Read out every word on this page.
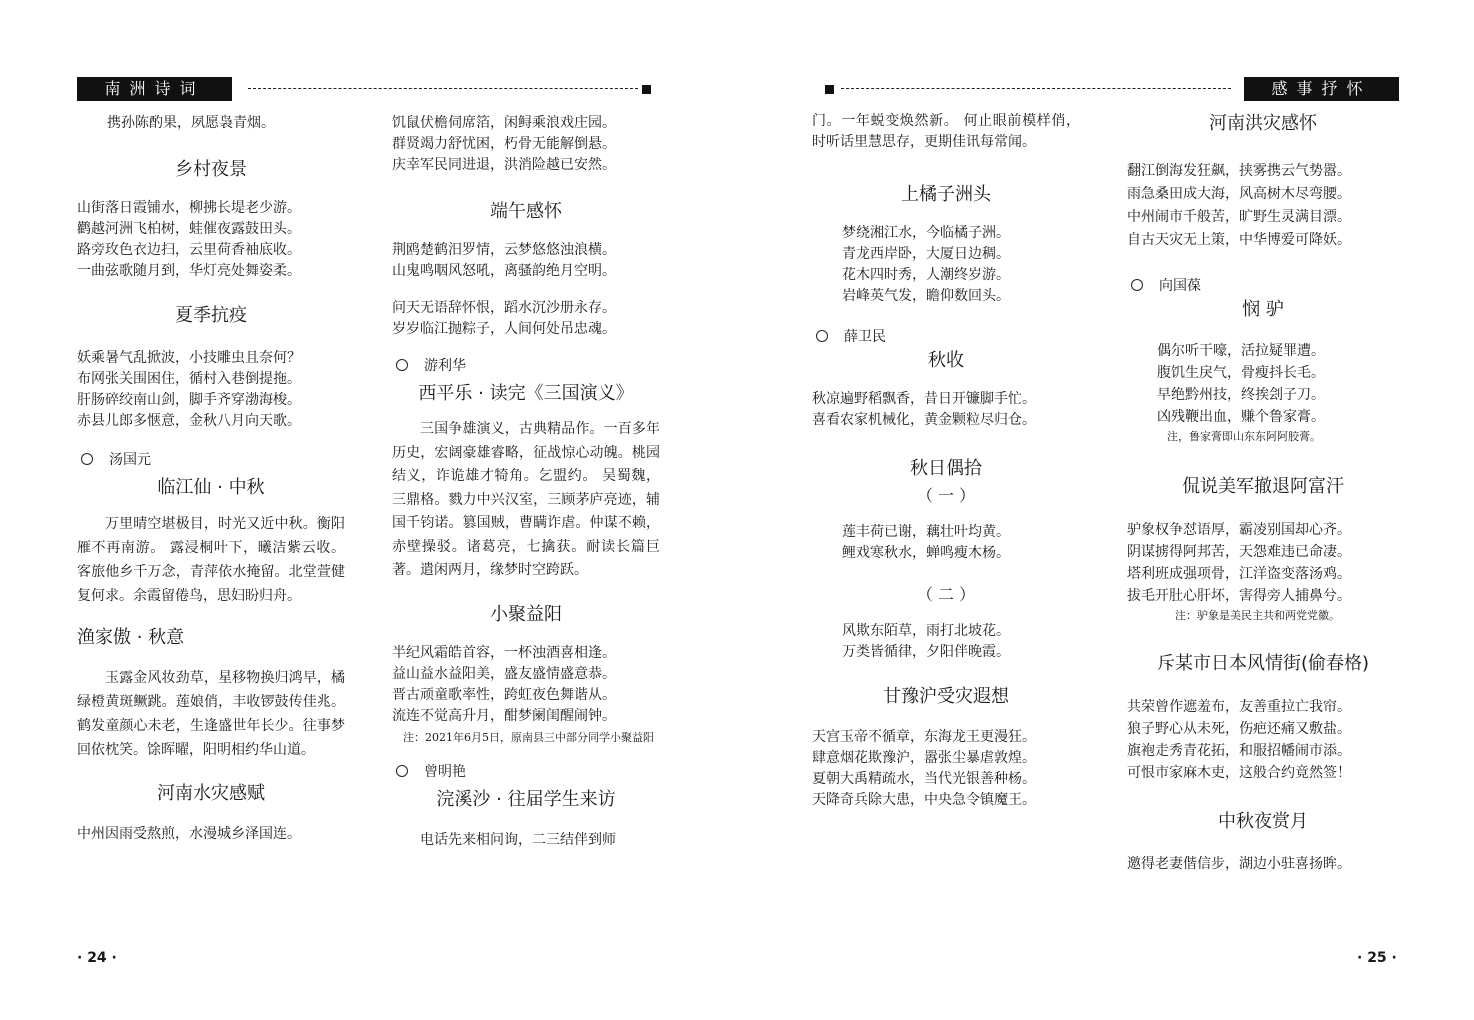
南洲诗词

携孙陈酌果，夙愿袅青烟。

乡村夜景

山街落日霞铺水，柳拂长堤老少游。

鹳越河洲飞柏树，蛙催夜露鼓田头。

路旁玫色衣边扫，云里荷香袖底收。

一曲弦歌随月到，华灯亮处舞姿柔。

夏季抗疫

妖乘暑气乱掀波，小技雕虫且奈何？

布网张关围困住，循村入巷倒提拖。

肝肠碎绞南山剑，脚手齐穿渤海梭。

赤县儿郎多惬意，金秋八月向天歌。

汤国元
临江仙 · 中秋

万里晴空堪极目，时光又近中秋。衡阳雁不再南游。 露浸桐叶下，曦洁紫云收。 客旅他乡千万念，青萍依水掩留。北堂萱健复何求。余霞留倦鸟，思妇盼归舟。

渔家傲 · 秋意

玉露金风妆劲草，星移物换归鸿早，橘绿橙黄斑鳜跳。莲娘俏，丰收锣鼓传佳兆。 鹤发童颜心未老，生逢盛世年长少。往事梦回依枕笑。馀晖曜，阳明相约华山道。

河南水灾感赋

中州因雨受熬煎，水漫城乡泽国连。

饥鼠伏檐伺席箔，闲鲟乘浪戏庄园。

群贤竭力舒忧困，朽骨无能解倒悬。

庆幸军民同进退，洪消险越已安然。

端午感怀

荆鸥楚鹤汨罗情，云梦悠悠浊浪横。

山鬼鸣咽风怒吼，离骚韵绝月空明。

问天无语辞怀恨，蹈水沉沙册永存。

岁岁临江抛粽子，人间何处吊忠魂。

游利华
西平乐 · 读完《三国演义》

三国争雄演义，古典精品作。一百多年历史，宏阔豪雄睿略，征战惊心动魄。桃园结义，诈诡雄才犄角。乞盟约。 吴蜀魏，三鼎格。戮力中兴汉室，三顾茅庐亮迹，辅国千钧诺。篡国贼，曹瞒诈虐。仲谋不赖，赤壁操驳。诸葛亮，七擒获。耐读长篇巨著。遣闲两月，缘梦时空跨跃。

小聚益阳

半纪风霜皓首容，一杯浊酒喜相逢。

益山益水益阳美，盛友盛情盛意恭。

晋古顽童歌率性，跨虹夜色舞谐从。

流连不觉高升月，酣梦阑闺醒闹钟。

注：2021年6月5日，原南县三中部分同学小聚益阳

曾明艳
浣溪沙 · 往届学生来访

电话先来相问询，二三结伴到师

· 24 ·
感事抒怀

门。一年蜕变焕然新。 何止眼前模样俏，时听话里慧思存，更期佳讯每常闻。

上橘子洲头

梦绕湘江水，今临橘子洲。

青龙西岸卧，大厦日边稠。

花木四时秀，人潮终岁游。

岩峰英气发，瞻仰数回头。

薛卫民
秋收

秋凉遍野稻飘香，昔日开镰脚手忙。

喜看农家机械化，黄金颗粒尽归仓。

秋日偶拾
（ 一 ）

莲丰荷已谢，藕壮叶均黄。

鲤戏寒秋水，蝉鸣瘦木杨。

（ 二 ）

风欺东陌草，雨打北坡花。

万类皆循律，夕阳伴晚霞。

甘豫沪受灾遐想

天宫玉帝不循章，东海龙王更漫狂。

肆意烟花欺豫沪，嚣张尘暴虐敦煌。

夏朝大禹精疏水，当代光银善种杨。

天降奇兵除大患，中央急令镇魔王。

河南洪灾感怀

翻江倒海发狂飙，挟雾携云气势嚣。

雨急桑田成大海，风高树木尽弯腰。

中州闹市千般苦，旷野生灵满目漂。

自古天灾无上策，中华博爱可降妖。

向国葆
悯 驴

偶尔听干嚎，活拉疑罪遭。

腹饥生戾气，骨瘦抖长毛。

早绝黔州技，终挨刽子刀。

凶残鞭出血，赚个鲁家膏。

注，鲁家膏即山东东阿阿胶膏。

侃说美军撤退阿富汗

驴象权争怼语厚，霸凌别国却心齐。

阴谋掳得阿邦苦，天怨难违已命凄。

塔利班成强项骨，江洋盗变落汤鸡。

拔毛开肚心肝坏，害得旁人捕鼻兮。

注：驴象是美民主共和两党党徽。

斥某市日本风情街(偷春格)

共荣曾作遮羞布，友善重拉亡我帘。

狼子野心从未死，伤疤还痛又敷盐。

旗袍走秀青花拓，和服招幡闹市添。

可恨市家麻木吏，这般合约竟然签！

中秋夜赏月

邀得老妻偕信步，湖边小驻喜扬眸。

· 25 ·
